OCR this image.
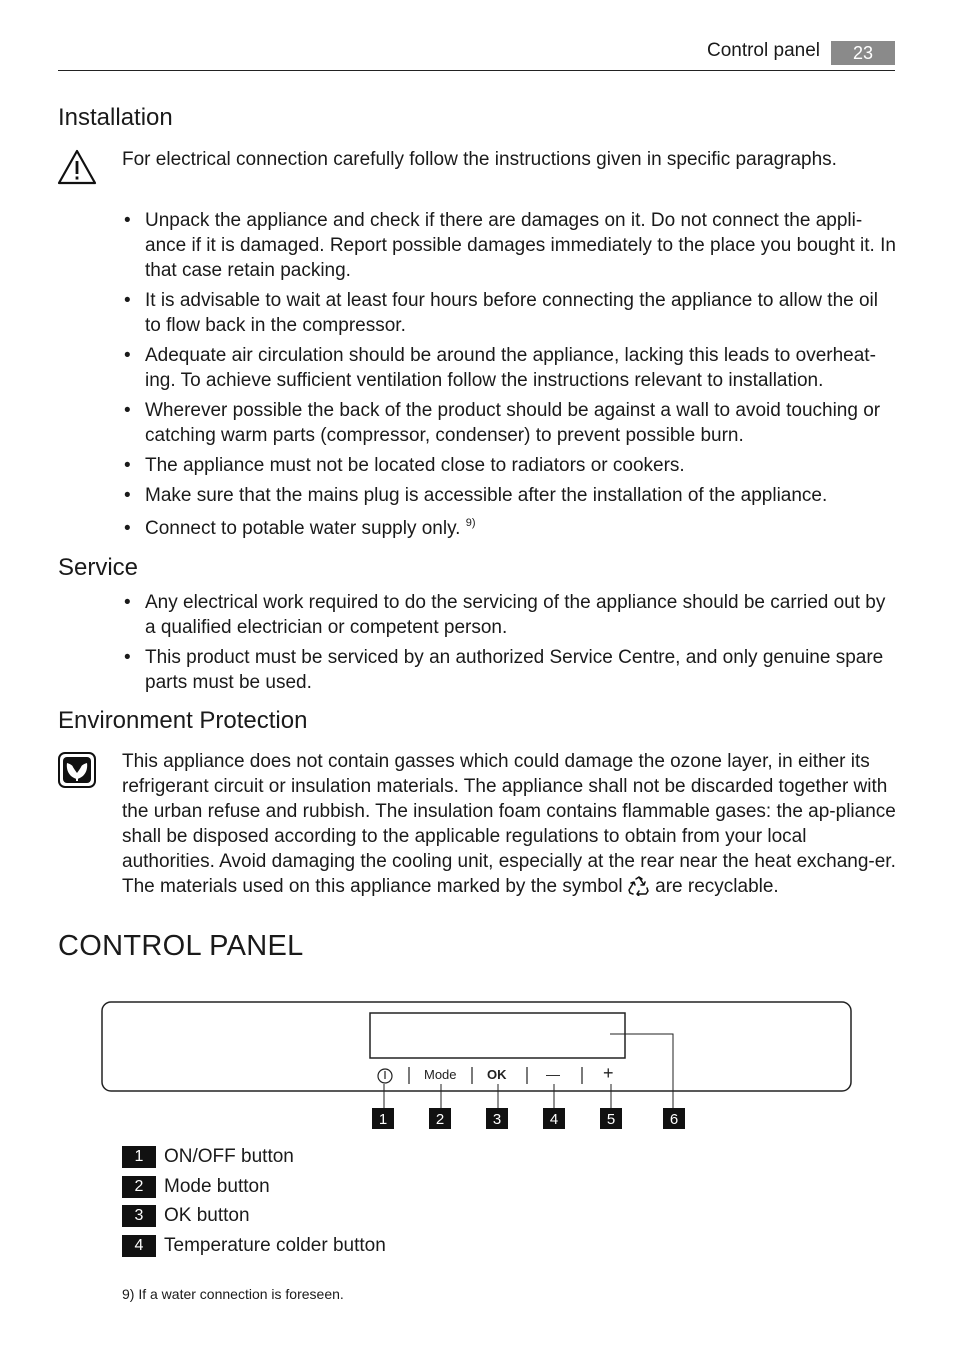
Control panel	23
Installation

For electrical connection carefully follow the instructions given in specific paragraphs.

• Unpack the appliance and check if there are damages on it. Do not connect the appli-ance if it is damaged. Report possible damages immediately to the place you bought it. In that case retain packing.
• It is advisable to wait at least four hours before connecting the appliance to allow the oil to flow back in the compressor.
• Adequate air circulation should be around the appliance, lacking this leads to overheat-ing. To achieve sufficient ventilation follow the instructions relevant to installation.
• Wherever possible the back of the product should be against a wall to avoid touching or catching warm parts (compressor, condenser) to prevent possible burn.
• The appliance must not be located close to radiators or cookers.
• Make sure that the mains plug is accessible after the installation of the appliance.
• Connect to potable water supply only. $^{9)}$
Service
• Any electrical work required to do the servicing of the appliance should be carried out by a qualified electrician or competent person.
• This product must be serviced by an authorized Service Centre, and only genuine spare parts must be used.
Environment Protection

This appliance does not contain gasses which could damage the ozone layer, in either its refrigerant circuit or insulation materials. The appliance shall not be discarded together with the urban refuse and rubbish. The insulation foam contains flammable gases: the ap-pliance shall be disposed according to the applicable regulations to obtain from your local authorities. Avoid damaging the cooling unit, especially at the rear near the heat exchang-er. The materials used on this appliance marked by the symbol are recyclable.

CONTROL PANEL
1	2	3	4	5	6
Mode OK	— +
1 ON/OFF button
2 Mode button
3 OK button
4 Temperature colder button
9) If a water connection is foreseen.
